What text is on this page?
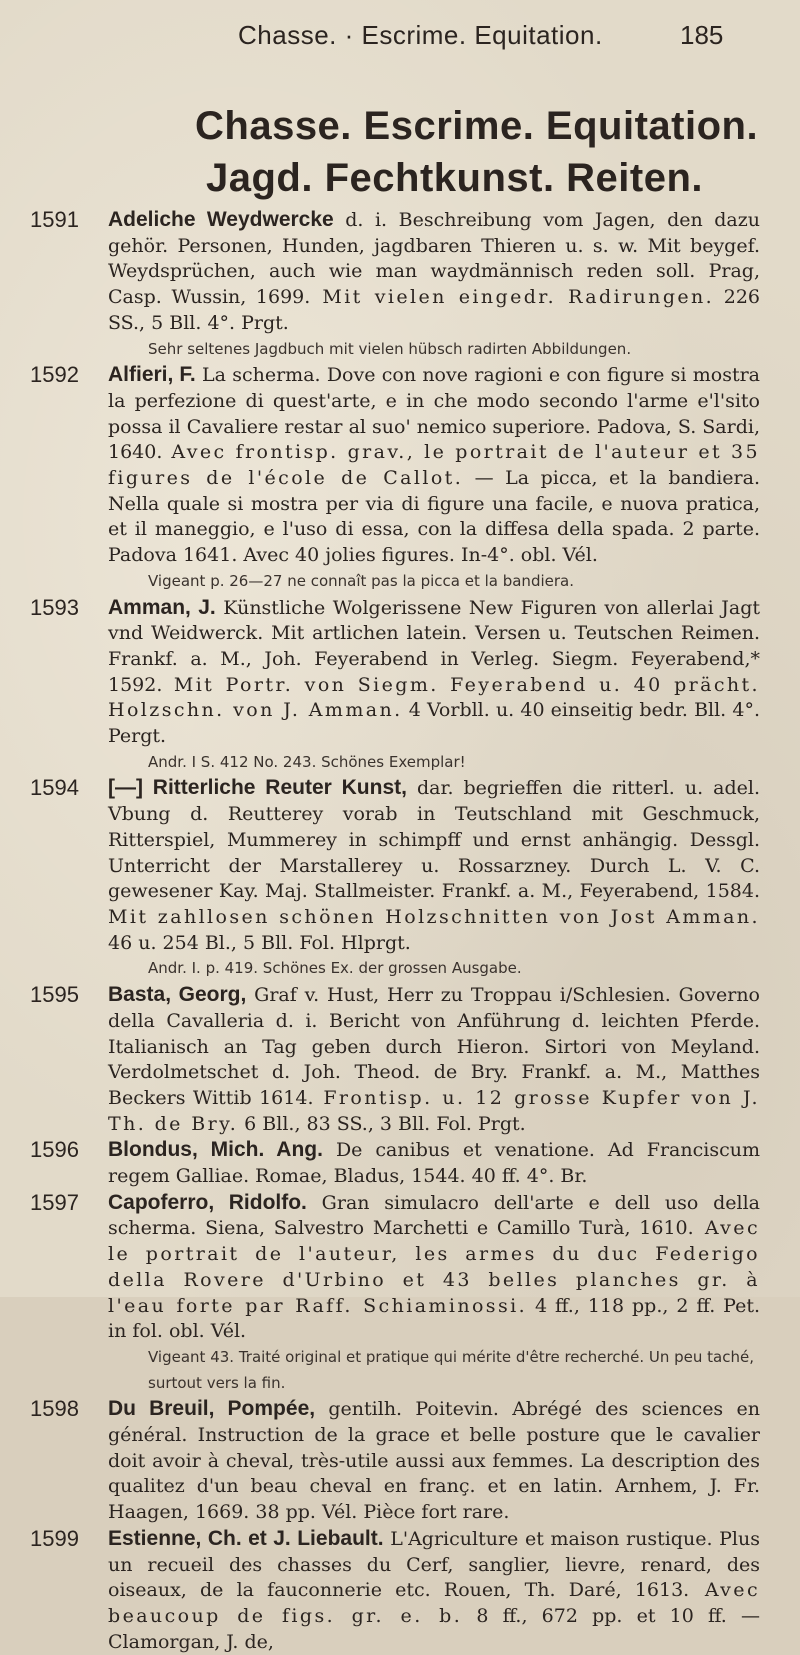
Chasse. · Escrime. Equitation.	185
Chasse. Escrime. Equitation.
Jagd. Fechtkunst. Reiten.
1591 Adeliche Weydwercke d. i. Beschreibung vom Jagen, den dazu gehör. Personen, Hunden, jagdbaren Thieren u. s. w. Mit beygef. Weydsprüchen, auch wie man waydmännisch reden soll. Prag, Casp. Wussin, 1699. Mit vielen eingedr. Radirungen. 226 SS., 5 Bll. 4°. Prgt.
Sehr seltenes Jagdbuch mit vielen hübsch radirten Abbildungen.
1592 Alfieri, F. La scherma. Dove con nove ragioni e con figure si mostra la perfezione di quest'arte, e in che modo secondo l'arme e'l'sito possa il Cavaliere restar al suo' nemico superiore. Padova, S. Sardi, 1640. Avec frontisp. grav., le portrait de l'auteur et 35 figures de l'école de Callot. — La picca, et la bandiera. Nella quale si mostra per via di figure una facile, e nuova pratica, et il maneggio, e l'uso di essa, con la diffesa della spada. 2 parte. Padova 1641. Avec 40 jolies figures. In-4°. obl. Vél.
Vigeant p. 26—27 ne connaît pas la picca et la bandiera.
1593 Amman, J. Künstliche Wolgerissene New Figuren von allerlai Jagt vnd Weidwerck. Mit artlichen latein. Versen u. Teutschen Reimen. Frankf. a. M., Joh. Feyerabend in Verleg. Siegm. Feyerabend,* 1592. Mit Portr. von Siegm. Feyerabend u. 40 prächt. Holzschn. von J. Amman. 4 Vorbll. u. 40 einseitig bedr. Bll. 4°. Pergt.
Andr. I S. 412 No. 243. Schönes Exemplar!
1594 [—] Ritterliche Reuter Kunst, dar. begrieffen die ritterl. u. adel. Vbung d. Reutterey vorab in Teutschland mit Geschmuck, Ritterspiel, Mummerey in schimpff und ernst anhängig. Dessgl. Unterricht der Marstallerey u. Rossarzney. Durch L. V. C. gewesener Kay. Maj. Stallmeister. Frankf. a. M., Feyerabend, 1584. Mit zahllosen schönen Holzschnitten von Jost Amman. 46 u. 254 Bl., 5 Bll. Fol. Hlprgt.
Andr. I. p. 419. Schönes Ex. der grossen Ausgabe.
1595 Basta, Georg, Graf v. Hust, Herr zu Troppau i/Schlesien. Governo della Cavalleria d. i. Bericht von Anführung d. leichten Pferde. Italianisch an Tag geben durch Hieron. Sirtori von Meyland. Verdolmetschet d. Joh. Theod. de Bry. Frankf. a. M., Matthes Beckers Wittib 1614. Frontisp. u. 12 grosse Kupfer von J. Th. de Bry. 6 Bll., 83 SS., 3 Bll. Fol. Prgt.
1596 Blondus, Mich. Ang. De canibus et venatione. Ad Franciscum regem Galliae. Romae, Bladus, 1544. 40 ff. 4°. Br.
1597 Capoferro, Ridolfo. Gran simulacro dell'arte e dell uso della scherma. Siena, Salvestro Marchetti e Camillo Turà, 1610. Avec le portrait de l'auteur, les armes du duc Federigo della Rovere d'Urbino et 43 belles planches gr. à l'eau forte par Raff. Schiaminossi. 4 ff., 118 pp., 2 ff. Pet. in fol. obl. Vél.
Vigeant 43. Traité original et pratique qui mérite d'être recherché. Un peu taché, surtout vers la fin.
1598 Du Breuil, Pompée, gentilh. Poitevin. Abrégé des sciences en général. Instruction de la grace et belle posture que le cavalier doit avoir à cheval, très-utile aussi aux femmes. La description des qualitez d'un beau cheval en franç. et en latin. Arnhem, J. Fr. Haagen, 1669. 38 pp. Vél. Pièce fort rare.
1599 Estienne, Ch. et J. Liebault. L'Agriculture et maison rustique. Plus un recueil des chasses du Cerf, sanglier, lievre, renard, des oiseaux, de la fauconnerie etc. Rouen, Th. Daré, 1613. Avec beaucoup de figs. gr. e. b. 8 ff., 672 pp. et 10 ff. — Clamorgan, J. de,
